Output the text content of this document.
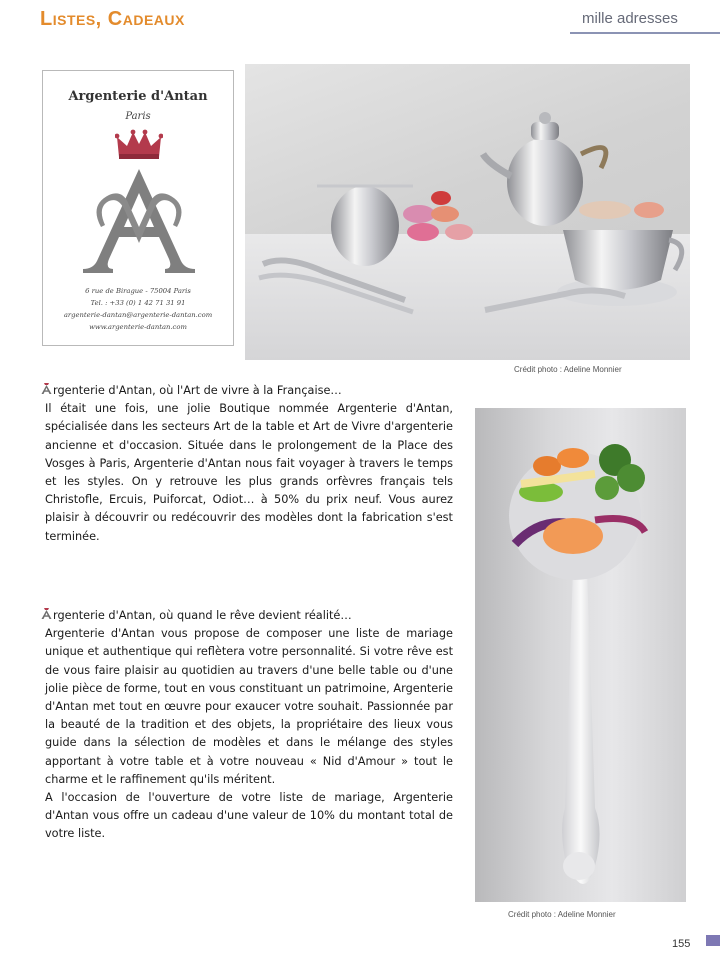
Listes, Cadeaux	mille adresses
Argenterie d'Antan
Paris
6 rue de Birague - 75004 Paris
Tel. : +33 (0) 1 42 71 31 91
argenterie-dantan@argenterie-dantan.com
www.argenterie-dantan.com
Crédit photo : Adeline Monnier
Crédit photo : Adeline Monnier
rgenterie d'Antan, où l'Art de vivre à la Française…
Il était une fois, une jolie Boutique nommée Argenterie d'Antan, spécialisée dans les secteurs Art de la table et Art de Vivre d'argenterie ancienne et d'occasion. Située dans le prolongement de la Place des Vosges à Paris, Argenterie d'Antan nous fait voyager à travers le temps et les styles. On y retrouve les plus grands orfèvres français tels Christofle, Ercuis, Puiforcat, Odiot… à 50% du prix neuf. Vous aurez plaisir à découvrir ou redécouvrir des modèles dont la fabrication s'est terminée.
rgenterie d'Antan, où quand le rêve devient réalité…
Argenterie d'Antan vous propose de composer une liste de mariage unique et authentique qui reflètera votre personnalité. Si votre rêve est de vous faire plaisir au quotidien au travers d'une belle table ou d'une jolie pièce de forme, tout en vous constituant un patrimoine, Argenterie d'Antan met tout en œuvre pour exaucer votre souhait. Passionnée par la beauté de la tradition et des objets, la propriétaire des lieux vous guide dans la sélection de modèles et dans le mélange des styles apportant à votre table et à votre nouveau « Nid d'Amour » tout le charme et le raffinement qu'ils méritent.
A l'occasion de l'ouverture de votre liste de mariage, Argenterie d'Antan vous offre un cadeau d'une valeur de 10% du montant total de votre liste.
155
